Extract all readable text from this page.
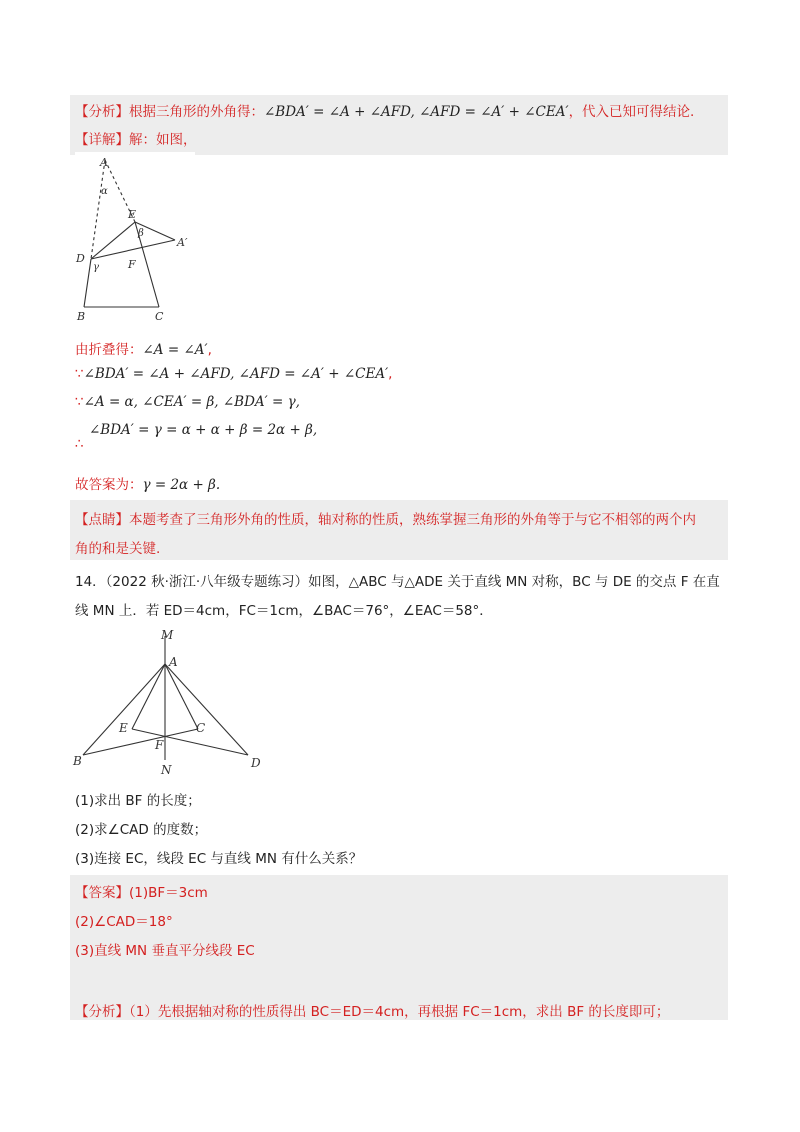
【分析】根据三角形的外角得：∠BDA′ = ∠A + ∠AFD, ∠AFD = ∠A′ + ∠CEA′，代入已知可得结论.
【详解】解：如图，
A
α
E
β
A′
D
γ	F
B	C
由折叠得：∠A = ∠A′,
∵∠BDA′ = ∠A + ∠AFD, ∠AFD = ∠A′ + ∠CEA′,
∵∠A = α, ∠CEA′ = β, ∠BDA′ = γ,
∠BDA′ = γ = α + α + β = 2α + β,
∴
故答案为：γ = 2α + β.
【点睛】本题考查了三角形外角的性质，轴对称的性质，熟练掌握三角形的外角等于与它不相邻的两个内
角的和是关键.
14．（2022 秋·浙江·八年级专题练习）如图，△ABC 与△ADE 关于直线 MN 对称，BC 与 DE 的交点 F 在直
线 MN 上．若 ED＝4cm，FC＝1cm，∠BAC＝76°，∠EAC＝58°．
M
A
E	C
F
B
N	D
(1)求出 BF 的长度；
(2)求∠CAD 的度数；
(3)连接 EC，线段 EC 与直线 MN 有什么关系？
【答案】(1)BF＝3cm
(2)∠CAD＝18°
(3)直线 MN 垂直平分线段 EC
【分析】（1）先根据轴对称的性质得出 BC＝ED＝4cm，再根据 FC＝1cm，求出 BF 的长度即可；
